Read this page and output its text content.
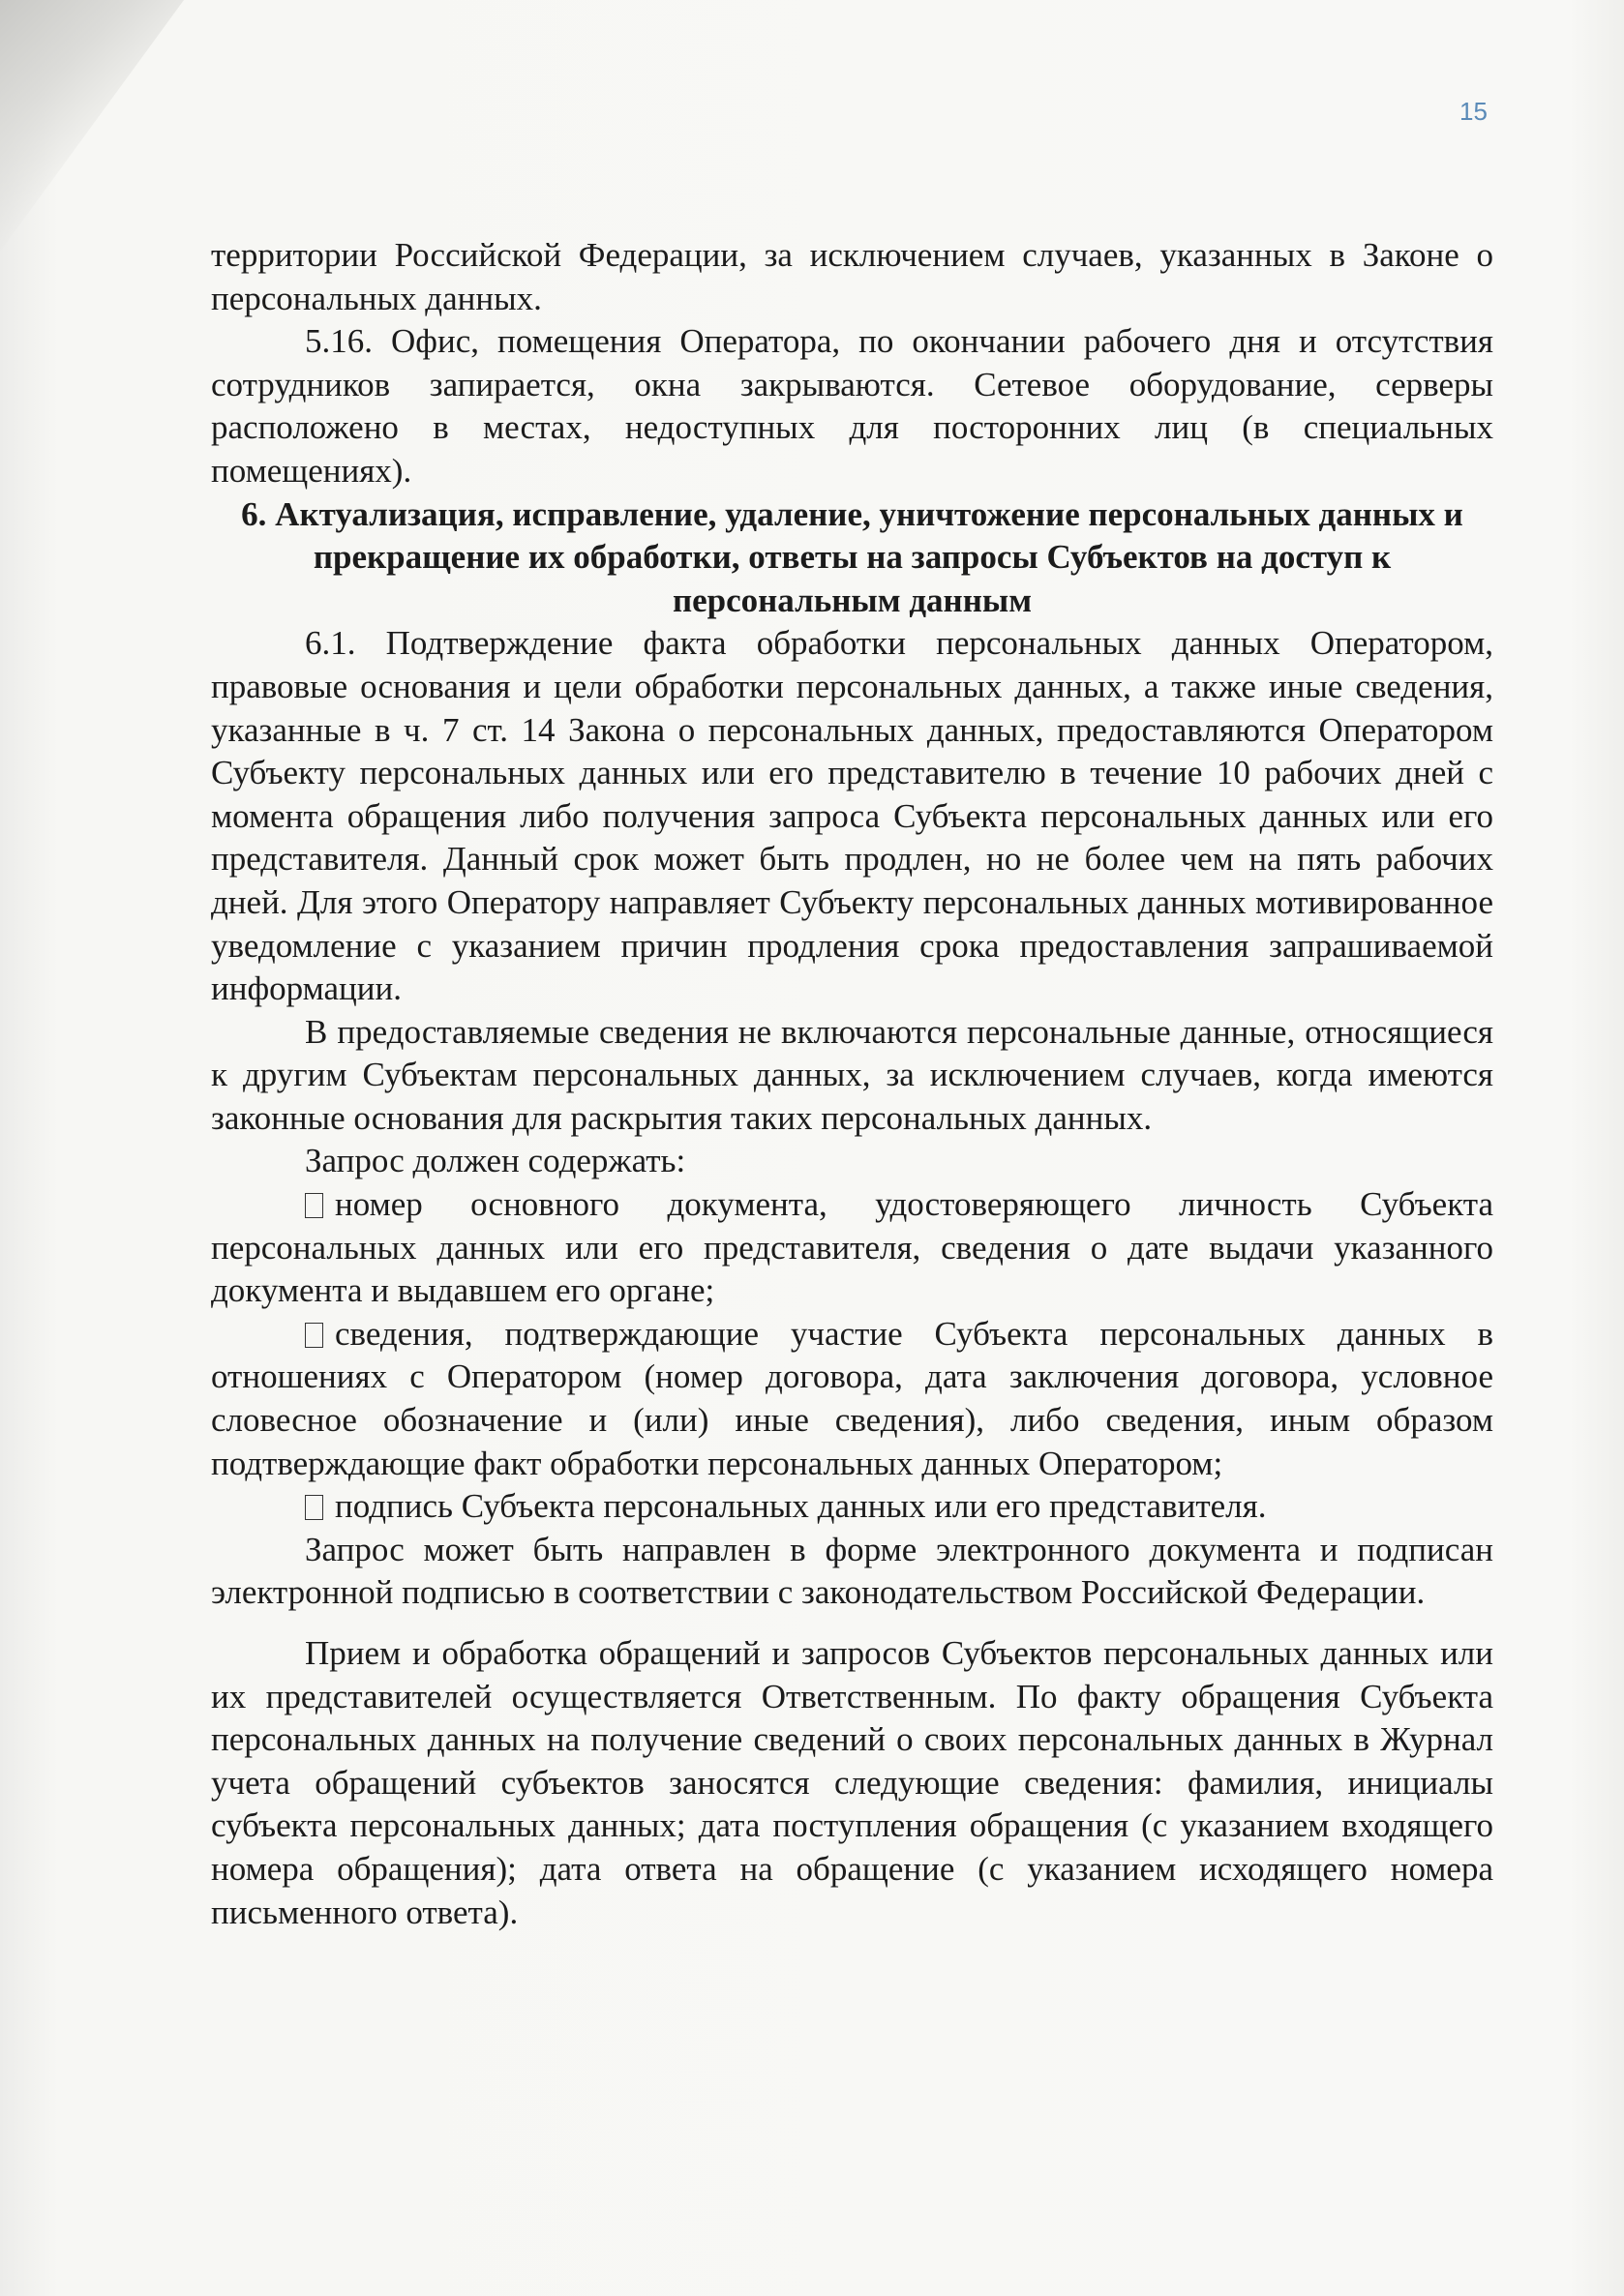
15

территории Российской Федерации, за исключением случаев, указанных в Законе о персональных данных.

5.16. Офис, помещения Оператора, по окончании рабочего дня и отсутствия сотрудников запирается, окна закрываются. Сетевое оборудование, серверы расположено в местах, недоступных для посторонних лиц (в специальных помещениях).

6. Актуализация, исправление, удаление, уничтожение персональных данных и прекращение их обработки, ответы на запросы Субъектов на доступ к персональным данным

6.1. Подтверждение факта обработки персональных данных Оператором, правовые основания и цели обработки персональных данных, а также иные сведения, указанные в ч. 7 ст. 14 Закона о персональных данных, предоставляются Оператором Субъекту персональных данных или его представителю в течение 10 рабочих дней с момента обращения либо получения запроса Субъекта персональных данных или его представителя. Данный срок может быть продлен, но не более чем на пять рабочих дней. Для этого Оператору направляет Субъекту персональных данных мотивированное уведомление с указанием причин продления срока предоставления запрашиваемой информации.

В предоставляемые сведения не включаются персональные данные, относящиеся к другим Субъектам персональных данных, за исключением случаев, когда имеются законные основания для раскрытия таких персональных данных.

Запрос должен содержать:

номер основного документа, удостоверяющего личность Субъекта персональных данных или его представителя, сведения о дате выдачи указанного документа и выдавшем его органе;

сведения, подтверждающие участие Субъекта персональных данных в отношениях с Оператором (номер договора, дата заключения договора, условное словесное обозначение и (или) иные сведения), либо сведения, иным образом подтверждающие факт обработки персональных данных Оператором;

подпись Субъекта персональных данных или его представителя.

Запрос может быть направлен в форме электронного документа и подписан электронной подписью в соответствии с законодательством Российской Федерации.

Прием и обработка обращений и запросов Субъектов персональных данных или их представителей осуществляется Ответственным. По факту обращения Субъекта персональных данных на получение сведений о своих персональных данных в Журнал учета обращений субъектов заносятся следующие сведения: фамилия, инициалы субъекта персональных данных; дата поступления обращения (с указанием входящего номера обращения); дата ответа на обращение (с указанием исходящего номера письменного ответа).
